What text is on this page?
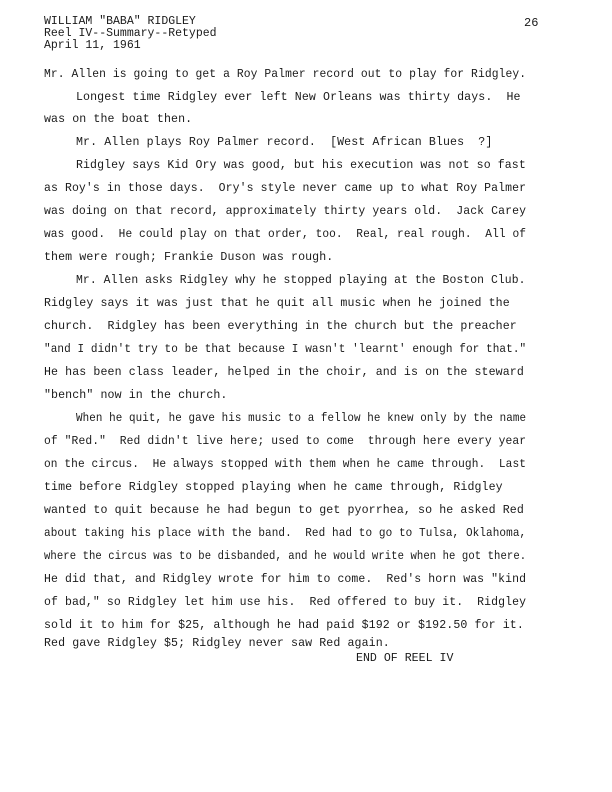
WILLIAM "BABA" RIDGLEY
Reel IV--Summary--Retyped
April 11, 1961
26
Mr. Allen is going to get a Roy Palmer record out to play for Ridgley.
Longest time Ridgley ever left New Orleans was thirty days.  He
was on the boat then.
Mr. Allen plays Roy Palmer record.  [West African Blues  ?]
Ridgley says Kid Ory was good, but his execution was not so fast
as Roy's in those days.  Ory's style never came up to what Roy Palmer
was doing on that record, approximately thirty years old.  Jack Carey
was good.  He could play on that order, too.  Real, real rough.  All of
them were rough; Frankie Duson was rough.
Mr. Allen asks Ridgley why he stopped playing at the Boston Club.
Ridgley says it was just that he quit all music when he joined the
church.  Ridgley has been everything in the church but the preacher
"and I didn't try to be that because I wasn't 'learnt' enough for that."
He has been class leader, helped in the choir, and is on the steward
"bench" now in the church.
When he quit, he gave his music to a fellow he knew only by the name
of "Red."  Red didn't live here; used to come  through here every year
on the circus.  He always stopped with them when he came through.  Last
time before Ridgley stopped playing when he came through, Ridgley
wanted to quit because he had begun to get pyorrhea, so he asked Red
about taking his place with the band.  Red had to go to Tulsa, Oklahoma,
where the circus was to be disbanded, and he would write when he got there.
He did that, and Ridgley wrote for him to come.  Red's horn was "kind
of bad," so Ridgley let him use his.  Red offered to buy it.  Ridgley
sold it to him for $25, although he had paid $192 or $192.50 for it.
Red gave Ridgley $5; Ridgley never saw Red again.
END OF REEL IV
